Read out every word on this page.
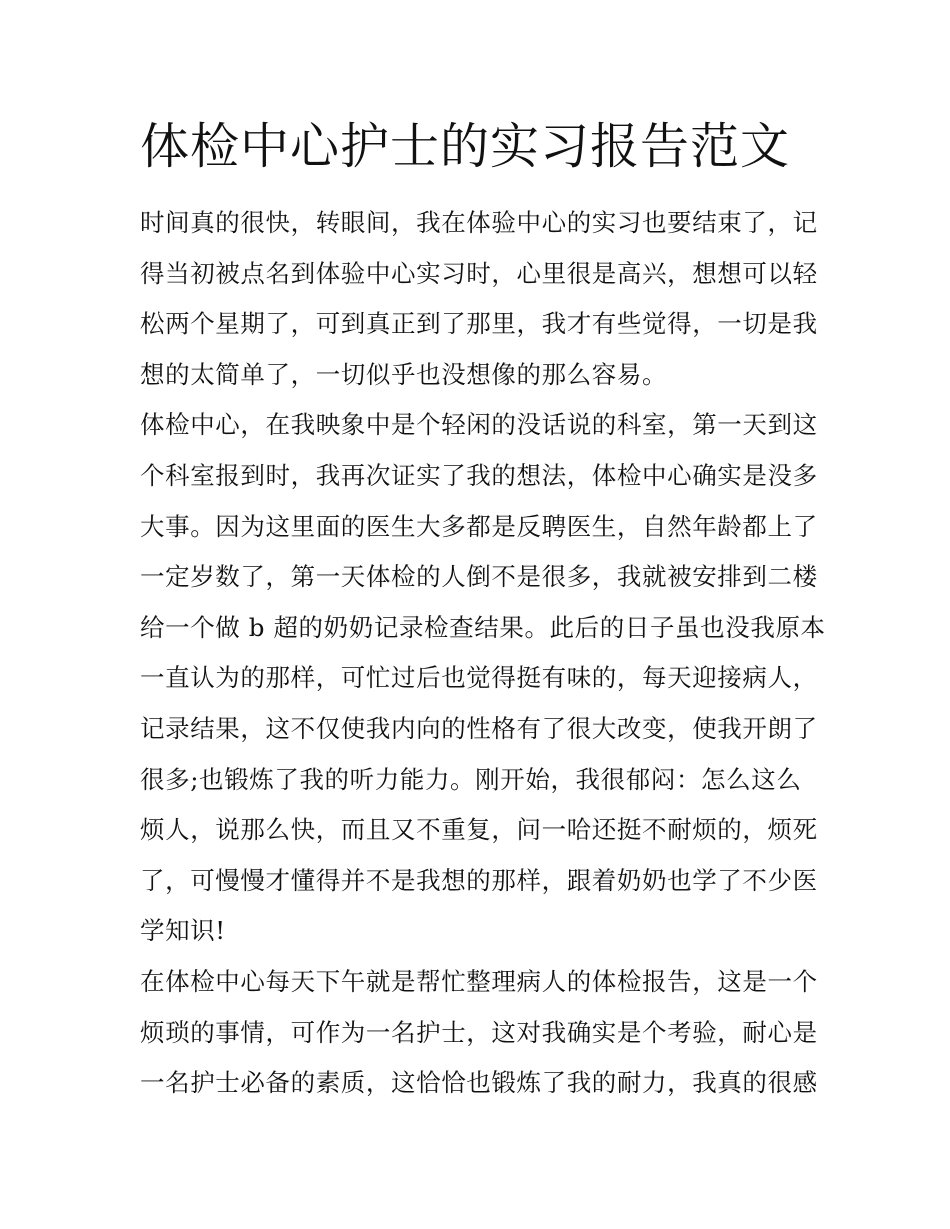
体检中心护士的实习报告范文

时间真的很快，转眼间，我在体验中心的实习也要结束了，记
得当初被点名到体验中心实习时，心里很是高兴，想想可以轻
松两个星期了，可到真正到了那里，我才有些觉得，一切是我
想的太简单了，一切似乎也没想像的那么容易。

体检中心，在我映象中是个轻闲的没话说的科室，第一天到这
个科室报到时，我再次证实了我的想法，体检中心确实是没多
大事。因为这里面的医生大多都是反聘医生，自然年龄都上了
一定岁数了，第一天体检的人倒不是很多，我就被安排到二楼
给一个做 b 超的奶奶记录检查结果。此后的日子虽也没我原本
一直认为的那样，可忙过后也觉得挺有味的，每天迎接病人，
记录结果，这不仅使我内向的性格有了很大改变，使我开朗了
很多;也锻炼了我的听力能力。刚开始，我很郁闷：怎么这么
烦人，说那么快，而且又不重复，问一哈还挺不耐烦的，烦死
了，可慢慢才懂得并不是我想的那样，跟着奶奶也学了不少医
学知识!

在体检中心每天下午就是帮忙整理病人的体检报告，这是一个
烦琐的事情，可作为一名护士，这对我确实是个考验，耐心是
一名护士必备的素质，这恰恰也锻炼了我的耐力，我真的很感
